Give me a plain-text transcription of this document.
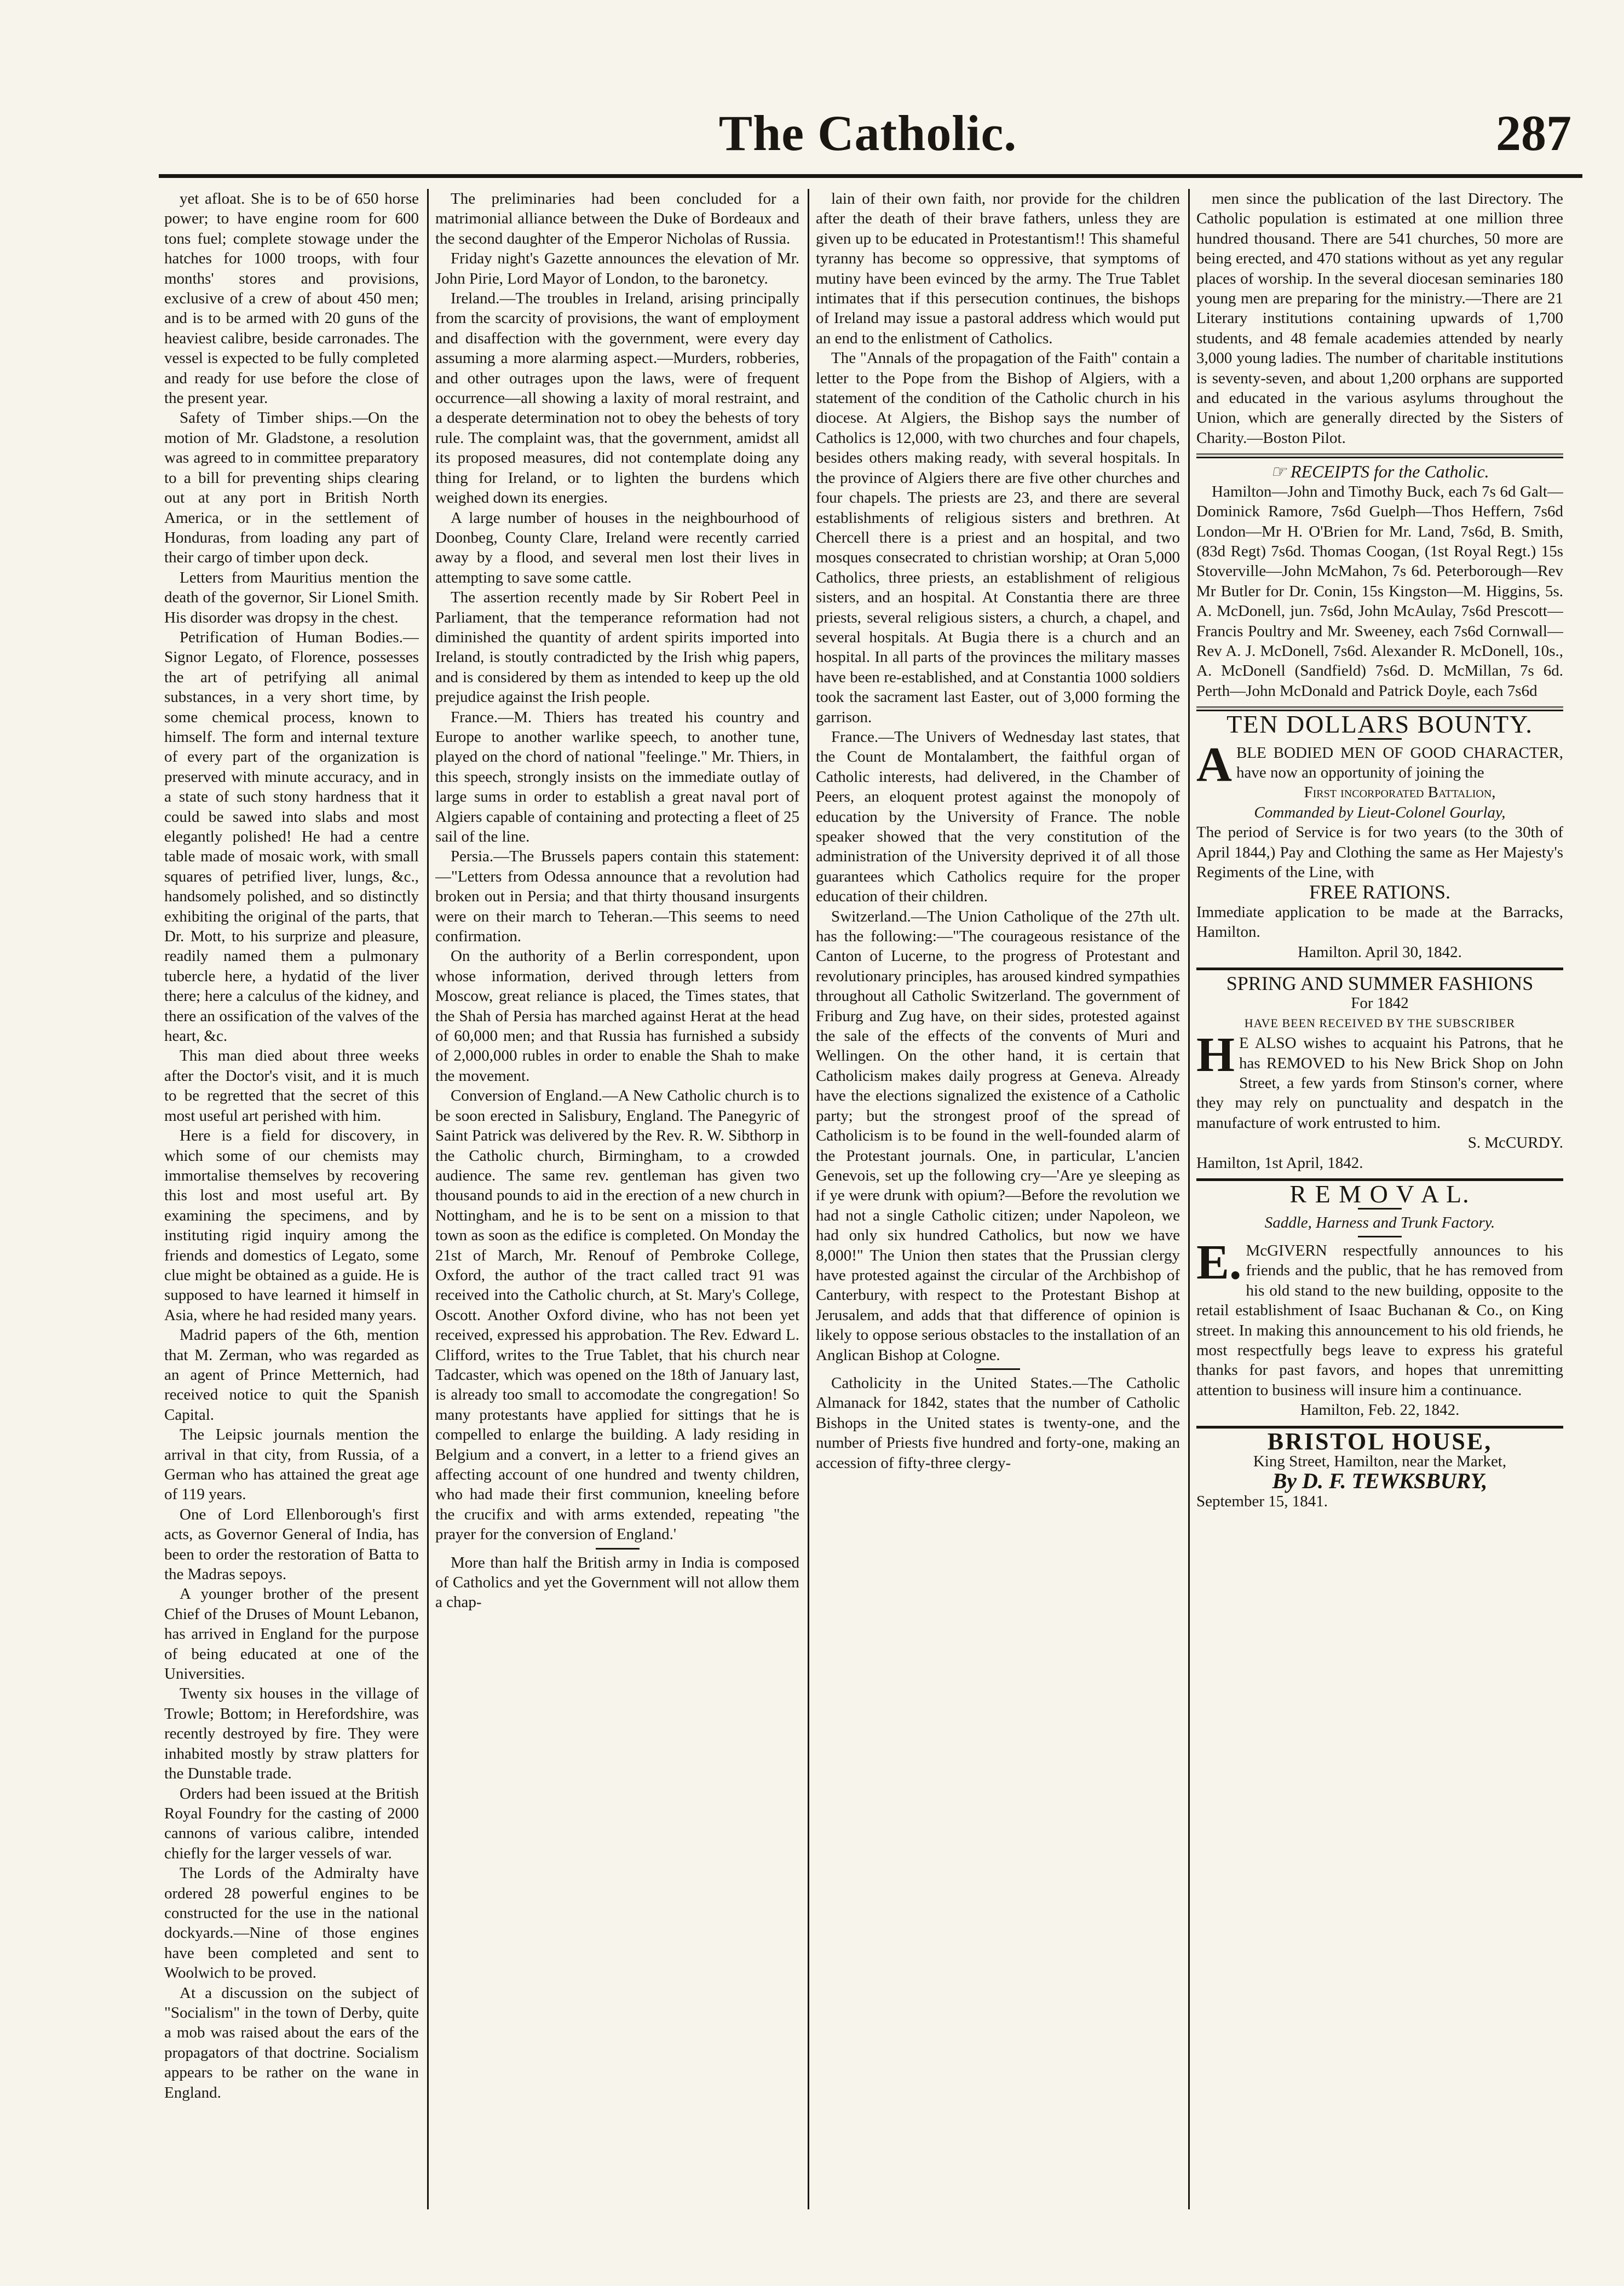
The Catholic.	287

yet afloat. She is to be of 650 horse power; to have engine room for 600 tons fuel; complete stowage under the hatches for 1000 troops, with four months' stores and provisions, exclusive of a crew of about 450 men; and is to be armed with 20 guns of the heaviest calibre, beside carronades. The vessel is expected to be fully completed and ready for use before the close of the present year.

Safety of Timber ships.—On the motion of Mr. Gladstone, a resolution was agreed to in committee preparatory to a bill for preventing ships clearing out at any port in British North America, or in the settlement of Honduras, from loading any part of their cargo of timber upon deck.

Letters from Mauritius mention the death of the governor, Sir Lionel Smith. His disorder was dropsy in the chest.

Petrification of Human Bodies.—Signor Legato, of Florence, possesses the art of petrifying all animal substances, in a very short time, by some chemical process, known to himself. The form and internal texture of every part of the organization is preserved with minute accuracy, and in a state of such stony hardness that it could be sawed into slabs and most elegantly polished! He had a centre table made of mosaic work, with small squares of petrified liver, lungs, &c., handsomely polished, and so distinctly exhibiting the original of the parts, that Dr. Mott, to his surprize and pleasure, readily named them a pulmonary tubercle here, a hydatid of the liver there; here a calculus of the kidney, and there an ossification of the valves of the heart, &c.

This man died about three weeks after the Doctor's visit, and it is much to be regretted that the secret of this most useful art perished with him.

Here is a field for discovery, in which some of our chemists may immortalise themselves by recovering this lost and most useful art. By examining the specimens, and by instituting rigid inquiry among the friends and domestics of Legato, some clue might be obtained as a guide. He is supposed to have learned it himself in Asia, where he had resided many years.

Madrid papers of the 6th, mention that M. Zerman, who was regarded as an agent of Prince Metternich, had received notice to quit the Spanish Capital.

The Leipsic journals mention the arrival in that city, from Russia, of a German who has attained the great age of 119 years.

One of Lord Ellenborough's first acts, as Governor General of India, has been to order the restoration of Batta to the Madras sepoys.

A younger brother of the present Chief of the Druses of Mount Lebanon, has arrived in England for the purpose of being educated at one of the Universities.

Twenty six houses in the village of Trowle; Bottom; in Herefordshire, was recently destroyed by fire. They were inhabited mostly by straw platters for the Dunstable trade.

Orders had been issued at the British Royal Foundry for the casting of 2000 cannons of various calibre, intended chiefly for the larger vessels of war.

The Lords of the Admiralty have ordered 28 powerful engines to be constructed for the use in the national dockyards.—Nine of those engines have been completed and sent to Woolwich to be proved.

At a discussion on the subject of "Socialism" in the town of Derby, quite a mob was raised about the ears of the propagators of that doctrine. Socialism appears to be rather on the wane in England.

The preliminaries had been concluded for a matrimonial alliance between the Duke of Bordeaux and the second daughter of the Emperor Nicholas of Russia.

Friday night's Gazette announces the elevation of Mr. John Pirie, Lord Mayor of London, to the baronetcy.

Ireland.—The troubles in Ireland, arising principally from the scarcity of provisions, the want of employment and disaffection with the government, were every day assuming a more alarming aspect.—Murders, robberies, and other outrages upon the laws, were of frequent occurrence—all showing a laxity of moral restraint, and a desperate determination not to obey the behests of tory rule. The complaint was, that the government, amidst all its proposed measures, did not contemplate doing any thing for Ireland, or to lighten the burdens which weighed down its energies.

A large number of houses in the neighbourhood of Doonbeg, County Clare, Ireland were recently carried away by a flood, and several men lost their lives in attempting to save some cattle.

The assertion recently made by Sir Robert Peel in Parliament, that the temperance reformation had not diminished the quantity of ardent spirits imported into Ireland, is stoutly contradicted by the Irish whig papers, and is considered by them as intended to keep up the old prejudice against the Irish people.

France.—M. Thiers has treated his country and Europe to another warlike speech, to another tune, played on the chord of national "feelinge." Mr. Thiers, in this speech, strongly insists on the immediate outlay of large sums in order to establish a great naval port of Algiers capable of containing and protecting a fleet of 25 sail of the line.

Persia.—The Brussels papers contain this statement:—"Letters from Odessa announce that a revolution had broken out in Persia; and that thirty thousand insurgents were on their march to Teheran.—This seems to need confirmation.

On the authority of a Berlin correspondent, upon whose information, derived through letters from Moscow, great reliance is placed, the Times states, that the Shah of Persia has marched against Herat at the head of 60,000 men; and that Russia has furnished a subsidy of 2,000,000 rubles in order to enable the Shah to make the movement.

Conversion of England.—A New Catholic church is to be soon erected in Salisbury, England. The Panegyric of Saint Patrick was delivered by the Rev. R. W. Sibthorp in the Catholic church, Birmingham, to a crowded audience. The same rev. gentleman has given two thousand pounds to aid in the erection of a new church in Nottingham, and he is to be sent on a mission to that town as soon as the edifice is completed. On Monday the 21st of March, Mr. Renouf of Pembroke College, Oxford, the author of the tract called tract 91 was received into the Catholic church, at St. Mary's College, Oscott. Another Oxford divine, who has not been yet received, expressed his approbation. The Rev. Edward L. Clifford, writes to the True Tablet, that his church near Tadcaster, which was opened on the 18th of January last, is already too small to accomodate the congregation! So many protestants have applied for sittings that he is compelled to enlarge the building. A lady residing in Belgium and a convert, in a letter to a friend gives an affecting account of one hundred and twenty children, who had made their first communion, kneeling before the crucifix and with arms extended, repeating "the prayer for the conversion of England.'

More than half the British army in India is composed of Catholics and yet the Government will not allow them a chap-

lain of their own faith, nor provide for the children after the death of their brave fathers, unless they are given up to be educated in Protestantism!! This shameful tyranny has become so oppressive, that symptoms of mutiny have been evinced by the army. The True Tablet intimates that if this persecution continues, the bishops of Ireland may issue a pastoral address which would put an end to the enlistment of Catholics.

The "Annals of the propagation of the Faith" contain a letter to the Pope from the Bishop of Algiers, with a statement of the condition of the Catholic church in his diocese. At Algiers, the Bishop says the number of Catholics is 12,000, with two churches and four chapels, besides others making ready, with several hospitals. In the province of Algiers there are five other churches and four chapels. The priests are 23, and there are several establishments of religious sisters and brethren. At Chercell there is a priest and an hospital, and two mosques consecrated to christian worship; at Oran 5,000 Catholics, three priests, an establishment of religious sisters, and an hospital. At Constantia there are three priests, several religious sisters, a church, a chapel, and several hospitals. At Bugia there is a church and an hospital. In all parts of the provinces the military masses have been re-established, and at Constantia 1000 soldiers took the sacrament last Easter, out of 3,000 forming the garrison.

France.—The Univers of Wednesday last states, that the Count de Montalambert, the faithful organ of Catholic interests, had delivered, in the Chamber of Peers, an eloquent protest against the monopoly of education by the University of France. The noble speaker showed that the very constitution of the administration of the University deprived it of all those guarantees which Catholics require for the proper education of their children.

Switzerland.—The Union Catholique of the 27th ult. has the following:—"The courageous resistance of the Canton of Lucerne, to the progress of Protestant and revolutionary principles, has aroused kindred sympathies throughout all Catholic Switzerland. The government of Friburg and Zug have, on their sides, protested against the sale of the effects of the convents of Muri and Wellingen. On the other hand, it is certain that Catholicism makes daily progress at Geneva. Already have the elections signalized the existence of a Catholic party; but the strongest proof of the spread of Catholicism is to be found in the well-founded alarm of the Protestant journals. One, in particular, L'ancien Genevois, set up the following cry—'Are ye sleeping as if ye were drunk with opium?—Before the revolution we had not a single Catholic citizen; under Napoleon, we had only six hundred Catholics, but now we have 8,000!" The Union then states that the Prussian clergy have protested against the circular of the Archbishop of Canterbury, with respect to the Protestant Bishop at Jerusalem, and adds that that difference of opinion is likely to oppose serious obstacles to the installation of an Anglican Bishop at Cologne.

Catholicity in the United States.—The Catholic Almanack for 1842, states that the number of Catholic Bishops in the United states is twenty-one, and the number of Priests five hundred and forty-one, making an accession of fifty-three clergy-

men since the publication of the last Directory. The Catholic population is estimated at one million three hundred thousand. There are 541 churches, 50 more are being erected, and 470 stations without as yet any regular places of worship. In the several diocesan seminaries 180 young men are preparing for the ministry.—There are 21 Literary institutions containing upwards of 1,700 students, and 48 female academies attended by nearly 3,000 young ladies. The number of charitable institutions is seventy-seven, and about 1,200 orphans are supported and educated in the various asylums throughout the Union, which are generally directed by the Sisters of Charity.—Boston Pilot.

☞ RECEIPTS for the Catholic.

Hamilton—John and Timothy Buck, each 7s 6d Galt—Dominick Ramore, 7s6d Guelph—Thos Heffern, 7s6d London—Mr H. O'Brien for Mr. Land, 7s6d, B. Smith, (83d Regt) 7s6d. Thomas Coogan, (1st Royal Regt.) 15s Stoverville—John McMahon, 7s 6d. Peterborough—Rev Mr Butler for Dr. Conin, 15s Kingston—M. Higgins, 5s. A. McDonell, jun. 7s6d, John McAulay, 7s6d Prescott—Francis Poultry and Mr. Sweeney, each 7s6d Cornwall—Rev A. J. McDonell, 7s6d. Alexander R. McDonell, 10s., A. McDonell (Sandfield) 7s6d. D. McMillan, 7s 6d. Perth—John McDonald and Patrick Doyle, each 7s6d

TEN DOLLARS BOUNTY.

ABLE BODIED MEN OF GOOD CHARACTER, have now an opportunity of joining the

First incorporated Battalion,

Commanded by Lieut-Colonel Gourlay,

The period of Service is for two years (to the 30th of April 1844,) Pay and Clothing the same as Her Majesty's Regiments of the Line, with

FREE RATIONS.

Immediate application to be made at the Barracks, Hamilton.

Hamilton. April 30, 1842.

SPRING AND SUMMER FASHIONS
For 1842
HAVE BEEN RECEIVED BY THE SUBSCRIBER

H E ALSO wishes to acquaint his Patrons, that he has REMOVED to his New Brick Shop on John Street, a few yards from Stinson's corner, where they may rely on punctuality and despatch in the manufacture of work entrusted to him.

S. McCURDY.

Hamilton, 1st April, 1842.

R E M O V A L.

Saddle, Harness and Trunk Factory.

E. McGIVERN respectfully announces to his friends and the public, that he has removed from his old stand to the new building, opposite to the retail establishment of Isaac Buchanan & Co., on King street. In making this announcement to his old friends, he most respectfully begs leave to express his grateful thanks for past favors, and hopes that unremitting attention to business will insure him a continuance.

Hamilton, Feb. 22, 1842.

BRISTOL HOUSE,

King Street, Hamilton, near the Market,

By D. F. TEWKSBURY,

September 15, 1841.
